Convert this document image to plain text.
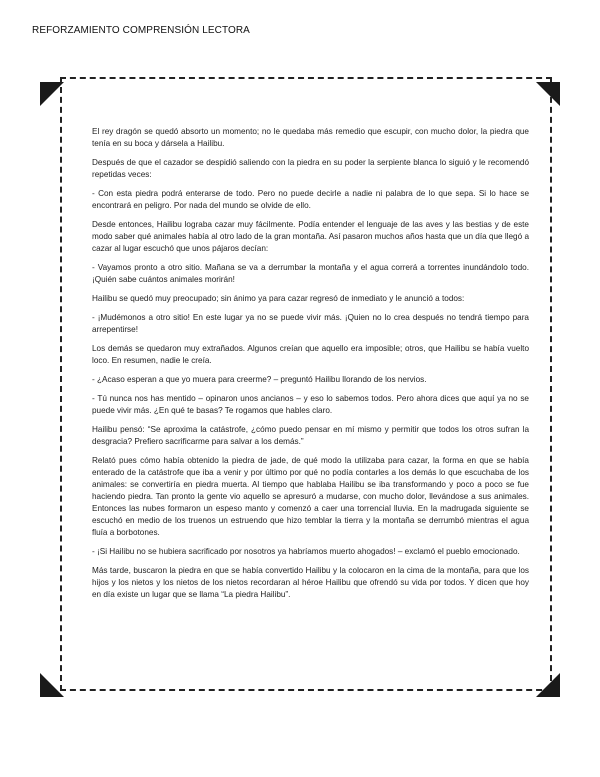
REFORZAMIENTO COMPRENSIÓN LECTORA

El rey dragón se quedó absorto un momento; no le quedaba más remedio que escupir, con mucho dolor, la piedra que tenía en su boca y dársela a Hailibu.

Después de que el cazador se despidió saliendo con la piedra en su poder la serpiente blanca lo siguió y le recomendó repetidas veces:

- Con esta piedra podrá enterarse de todo. Pero no puede decirle a nadie ni palabra de lo que sepa. Si lo hace se encontrará en peligro. Por nada del mundo se olvide de ello.

Desde entonces, Hailibu lograba cazar muy fácilmente. Podía entender el lenguaje de las aves y las bestias y de este modo saber qué animales había al otro lado de la gran montaña. Así pasaron muchos años hasta que un día que llegó a cazar al lugar escuchó que unos pájaros decían:

- Vayamos pronto a otro sitio. Mañana se va a derrumbar la montaña y el agua correrá a torrentes inundándolo todo. ¡Quién sabe cuántos animales morirán!

Hailibu se quedó muy preocupado; sin ánimo ya para cazar regresó de inmediato y le anunció a todos:

- ¡Mudémonos a otro sitio! En este lugar ya no se puede vivir más. ¡Quien no lo crea después no tendrá tiempo para arrepentirse!

Los demás se quedaron muy extrañados. Algunos creían que aquello era imposible; otros, que Hailibu se había vuelto loco. En resumen, nadie le creía.

- ¿Acaso esperan a que yo muera para creerme? – preguntó Hailibu llorando de los nervios.

- Tú nunca nos has mentido – opinaron unos ancianos – y eso lo sabemos todos. Pero ahora dices que aquí ya no se puede vivir más. ¿En qué te basas? Te rogamos que hables claro.

Hailibu pensó: “Se aproxima la catástrofe, ¿cómo puedo pensar en mí mismo y permitir que todos los otros sufran la desgracia? Prefiero sacrificarme para salvar a los demás.”

Relató pues cómo había obtenido la piedra de jade, de qué modo la utilizaba para cazar, la forma en que se había enterado de la catástrofe que iba a venir y por último por qué no podía contarles a los demás lo que escuchaba de los animales: se convertiría en piedra muerta. Al tiempo que hablaba Hailibu se iba transformando y poco a poco se fue haciendo piedra. Tan pronto la gente vio aquello se apresuró a mudarse, con mucho dolor, llevándose a sus animales. Entonces las nubes formaron un espeso manto y comenzó a caer una torrencial lluvia. En la madrugada siguiente se escuchó en medio de los truenos un estruendo que hizo temblar la tierra y la montaña se derrumbó mientras el agua fluía a borbotones.

- ¡Si Hailibu no se hubiera sacrificado por nosotros ya habríamos muerto ahogados! – exclamó el pueblo emocionado.

Más tarde, buscaron la piedra en que se había convertido Hailibu y la colocaron en la cima de la montaña, para que los hijos y los nietos y los nietos de los nietos recordaran al héroe Hailibu que ofrendó su vida por todos. Y dicen que hoy en día existe un lugar que se llama “La piedra Hailibu”.
